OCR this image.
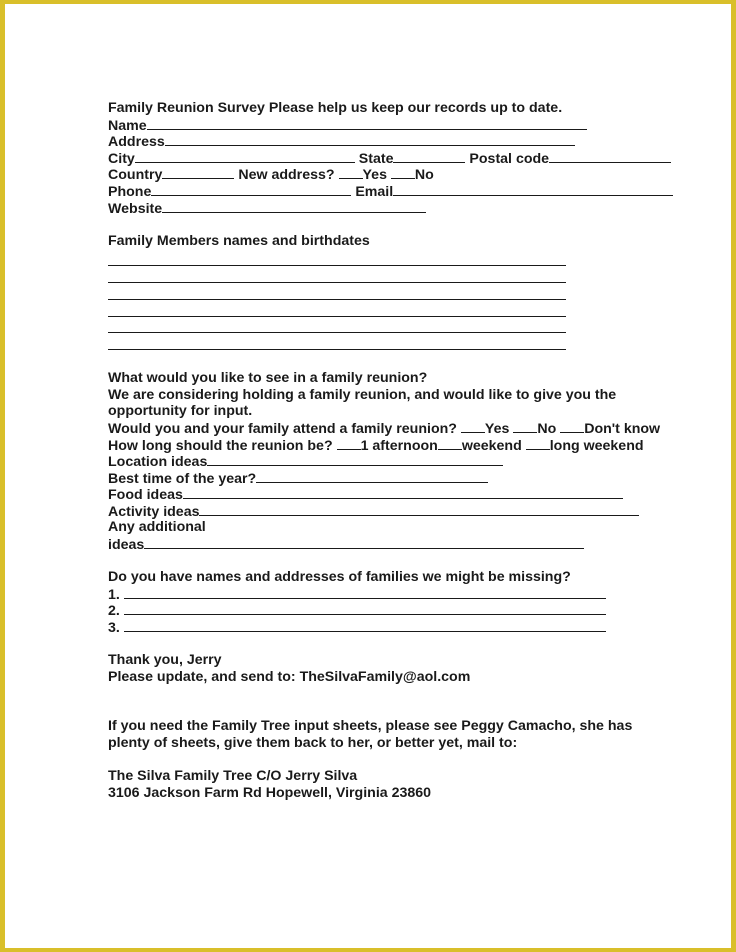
Family Reunion Survey Please help us keep our records up to date.
Name
Address
City	State	Postal code
Country	New address? Yes No
Phone	Email
Website
Family Members names and birthdates
What would you like to see in a family reunion?
We are considering holding a family reunion, and would like to give you the
opportunity for input.
Would you and your family attend a family reunion? Yes No Don't know
How long should the reunion be? 1 afternoon weekend long weekend
Location ideas
Best time of the year?
Food ideas
Activity ideas
Any additional
ideas
Do you have names and addresses of families we might be missing?
1.
2.
3.
Thank you, Jerry
Please update, and send to: TheSilvaFamily@aol.com
If you need the Family Tree input sheets, please see Peggy Camacho, she has
plenty of sheets, give them back to her, or better yet, mail to:
The Silva Family Tree C/O Jerry Silva
3106 Jackson Farm Rd Hopewell, Virginia 23860
